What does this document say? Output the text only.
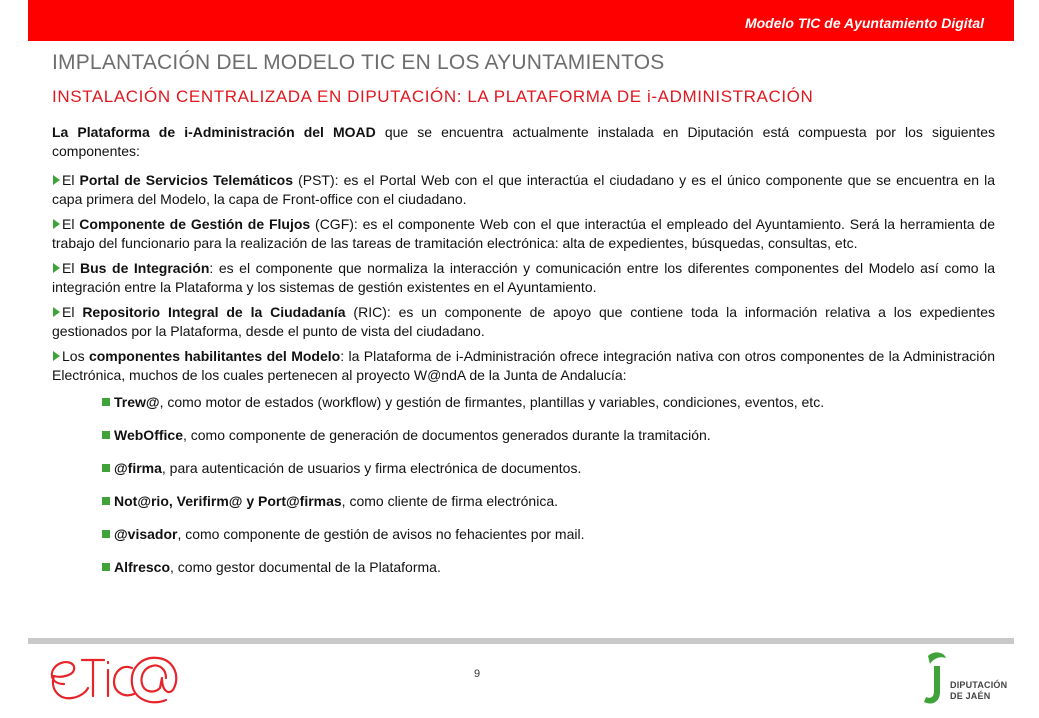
Modelo TIC de Ayuntamiento Digital
IMPLANTACIÓN DEL MODELO TIC EN LOS AYUNTAMIENTOS
INSTALACIÓN CENTRALIZADA EN DIPUTACIÓN: LA PLATAFORMA DE i-ADMINISTRACIÓN

La Plataforma de i-Administración del MOAD que se encuentra actualmente instalada en Diputación está compuesta por los siguientes componentes:

El Portal de Servicios Telemáticos (PST): es el Portal Web con el que interactúa el ciudadano y es el único componente que se encuentra en la capa primera del Modelo, la capa de Front-office con el ciudadano.
El Componente de Gestión de Flujos (CGF): es el componente Web con el que interactúa el empleado del Ayuntamiento. Será la herramienta de trabajo del funcionario para la realización de las tareas de tramitación electrónica: alta de expedientes, búsquedas, consultas, etc.
El Bus de Integración: es el componente que normaliza la interacción y comunicación entre los diferentes componentes del Modelo así como la integración entre la Plataforma y los sistemas de gestión existentes en el Ayuntamiento.
El Repositorio Integral de la Ciudadanía (RIC): es un componente de apoyo que contiene toda la información relativa a los expedientes gestionados por la Plataforma, desde el punto de vista del ciudadano.
Los componentes habilitantes del Modelo: la Plataforma de i-Administración ofrece integración nativa con otros componentes de la Administración Electrónica, muchos de los cuales pertenecen al proyecto W@ndA de la Junta de Andalucía:
Trew@, como motor de estados (workflow) y gestión de firmantes, plantillas y variables, condiciones, eventos, etc.
WebOffice, como componente de generación de documentos generados durante la tramitación.
@firma, para autenticación de usuarios y firma electrónica de documentos.
Not@rio, Verifirm@ y Port@firmas, como cliente de firma electrónica.
@visador, como componente de gestión de avisos no fehacientes por mail.
Alfresco, como gestor documental de la Plataforma.
9
DIPUTACIÓN
DE JAÉN
